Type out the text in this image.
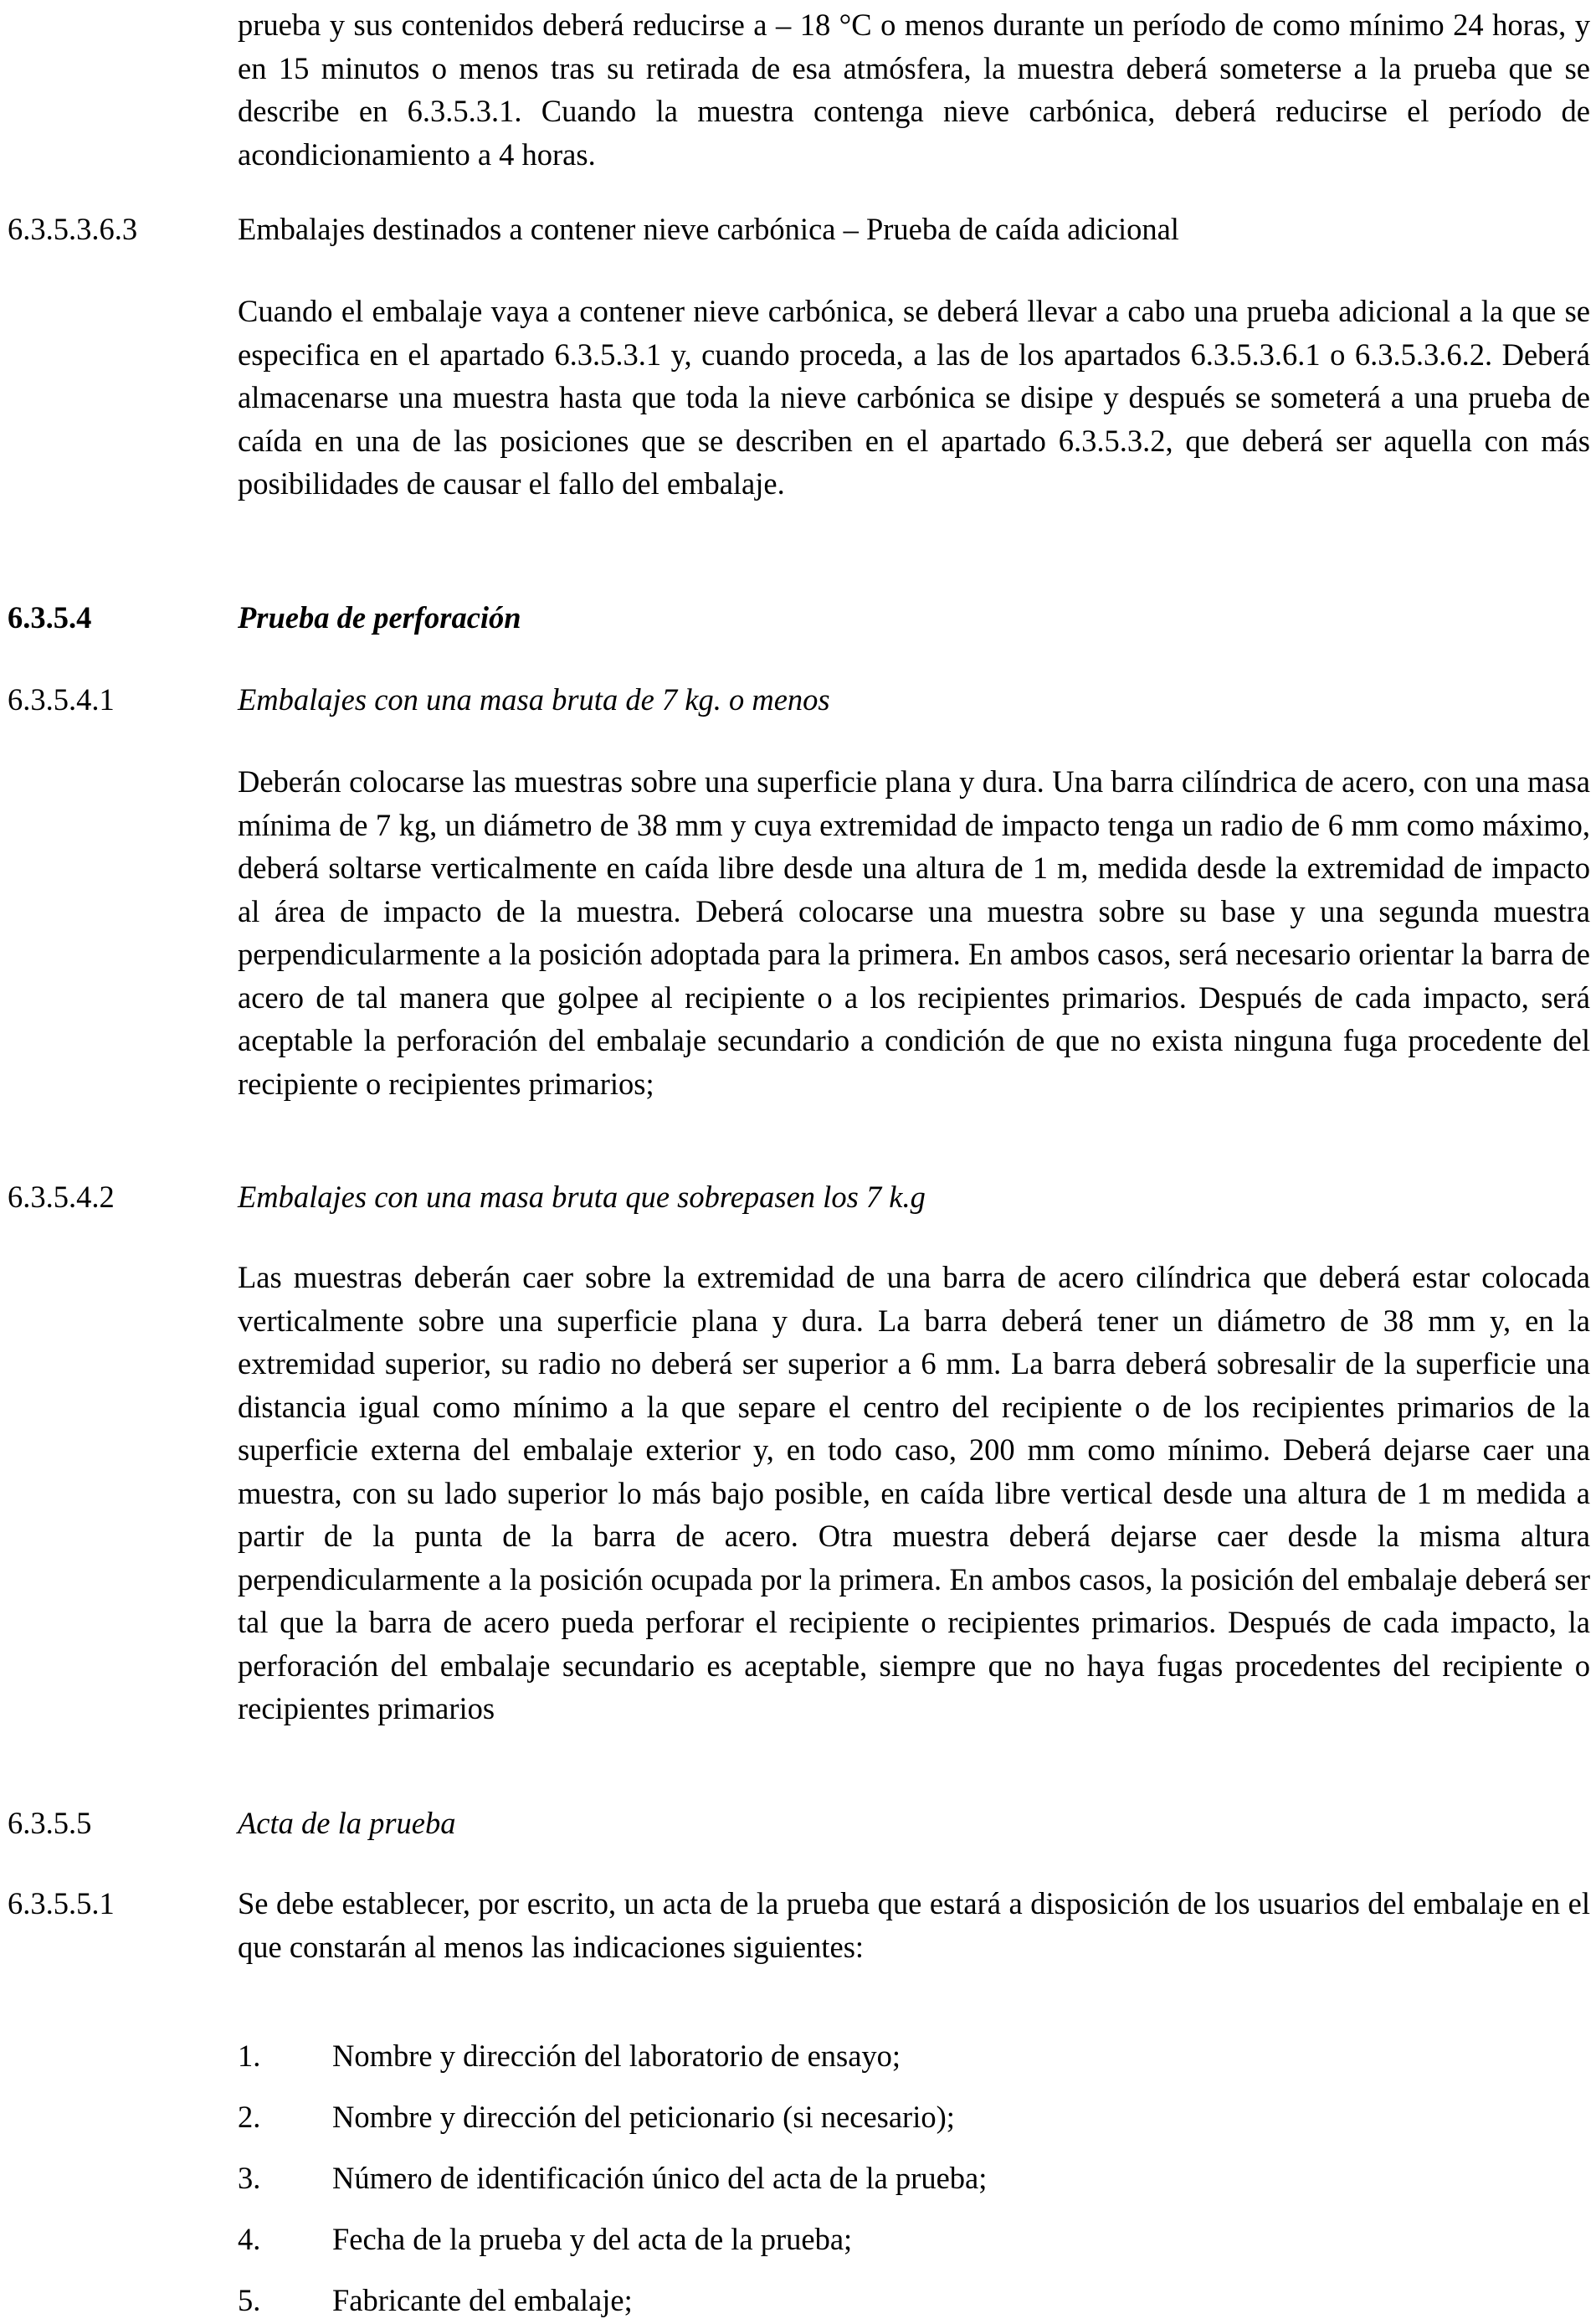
prueba y sus contenidos deberá reducirse a – 18 °C o menos durante un período de como mínimo 24 horas, y en 15 minutos o menos tras su retirada de esa atmósfera, la muestra deberá someterse a la prueba que se describe en 6.3.5.3.1. Cuando la muestra contenga nieve carbónica, deberá reducirse el período de acondicionamiento a 4 horas.

6.3.5.3.6.3	Embalajes destinados a contener nieve carbónica – Prueba de caída adicional

Cuando el embalaje vaya a contener nieve carbónica, se deberá llevar a cabo una prueba adicional a la que se especifica en el apartado 6.3.5.3.1 y, cuando proceda, a las de los apartados 6.3.5.3.6.1 o 6.3.5.3.6.2. Deberá almacenarse una muestra hasta que toda la nieve carbónica se disipe y después se someterá a una prueba de caída en una de las posiciones que se describen en el apartado 6.3.5.3.2, que deberá ser aquella con más posibilidades de causar el fallo del embalaje.

6.3.5.4	Prueba de perforación
6.3.5.4.1	Embalajes con una masa bruta de 7 kg. o menos

Deberán colocarse las muestras sobre una superficie plana y dura. Una barra cilíndrica de acero, con una masa mínima de 7 kg, un diámetro de 38 mm y cuya extremidad de impacto tenga un radio de 6 mm como máximo, deberá soltarse verticalmente en caída libre desde una altura de 1 m, medida desde la extremidad de impacto al área de impacto de la muestra. Deberá colocarse una muestra sobre su base y una segunda muestra perpendicularmente a la posición adoptada para la primera. En ambos casos, será necesario orientar la barra de acero de tal manera que golpee al recipiente o a los recipientes primarios. Después de cada impacto, será aceptable la perforación del embalaje secundario a condición de que no exista ninguna fuga procedente del recipiente o recipientes primarios;

6.3.5.4.2	Embalajes con una masa bruta que sobrepasen los 7 k.g

Las muestras deberán caer sobre la extremidad de una barra de acero cilíndrica que deberá estar colocada verticalmente sobre una superficie plana y dura. La barra deberá tener un diámetro de 38 mm y, en la extremidad superior, su radio no deberá ser superior a 6 mm. La barra deberá sobresalir de la superficie una distancia igual como mínimo a la que separe el centro del recipiente o de los recipientes primarios de la superficie externa del embalaje exterior y, en todo caso, 200 mm como mínimo. Deberá dejarse caer una muestra, con su lado superior lo más bajo posible, en caída libre vertical desde una altura de 1 m medida a partir de la punta de la barra de acero. Otra muestra deberá dejarse caer desde la misma altura perpendicularmente a la posición ocupada por la primera. En ambos casos, la posición del embalaje deberá ser tal que la barra de acero pueda perforar el recipiente o recipientes primarios. Después de cada impacto, la perforación del embalaje secundario es aceptable, siempre que no haya fugas procedentes del recipiente o recipientes primarios

6.3.5.5	Acta de la prueba
6.3.5.5.1	Se debe establecer, por escrito, un acta de la prueba que estará a disposición de los usuarios del embalaje en el que constarán al menos las indicaciones siguientes:

1. Nombre y dirección del laboratorio de ensayo;
2. Nombre y dirección del peticionario (si necesario);
3. Número de identificación único del acta de la prueba;
4. Fecha de la prueba y del acta de la prueba;
5. Fabricante del embalaje;
